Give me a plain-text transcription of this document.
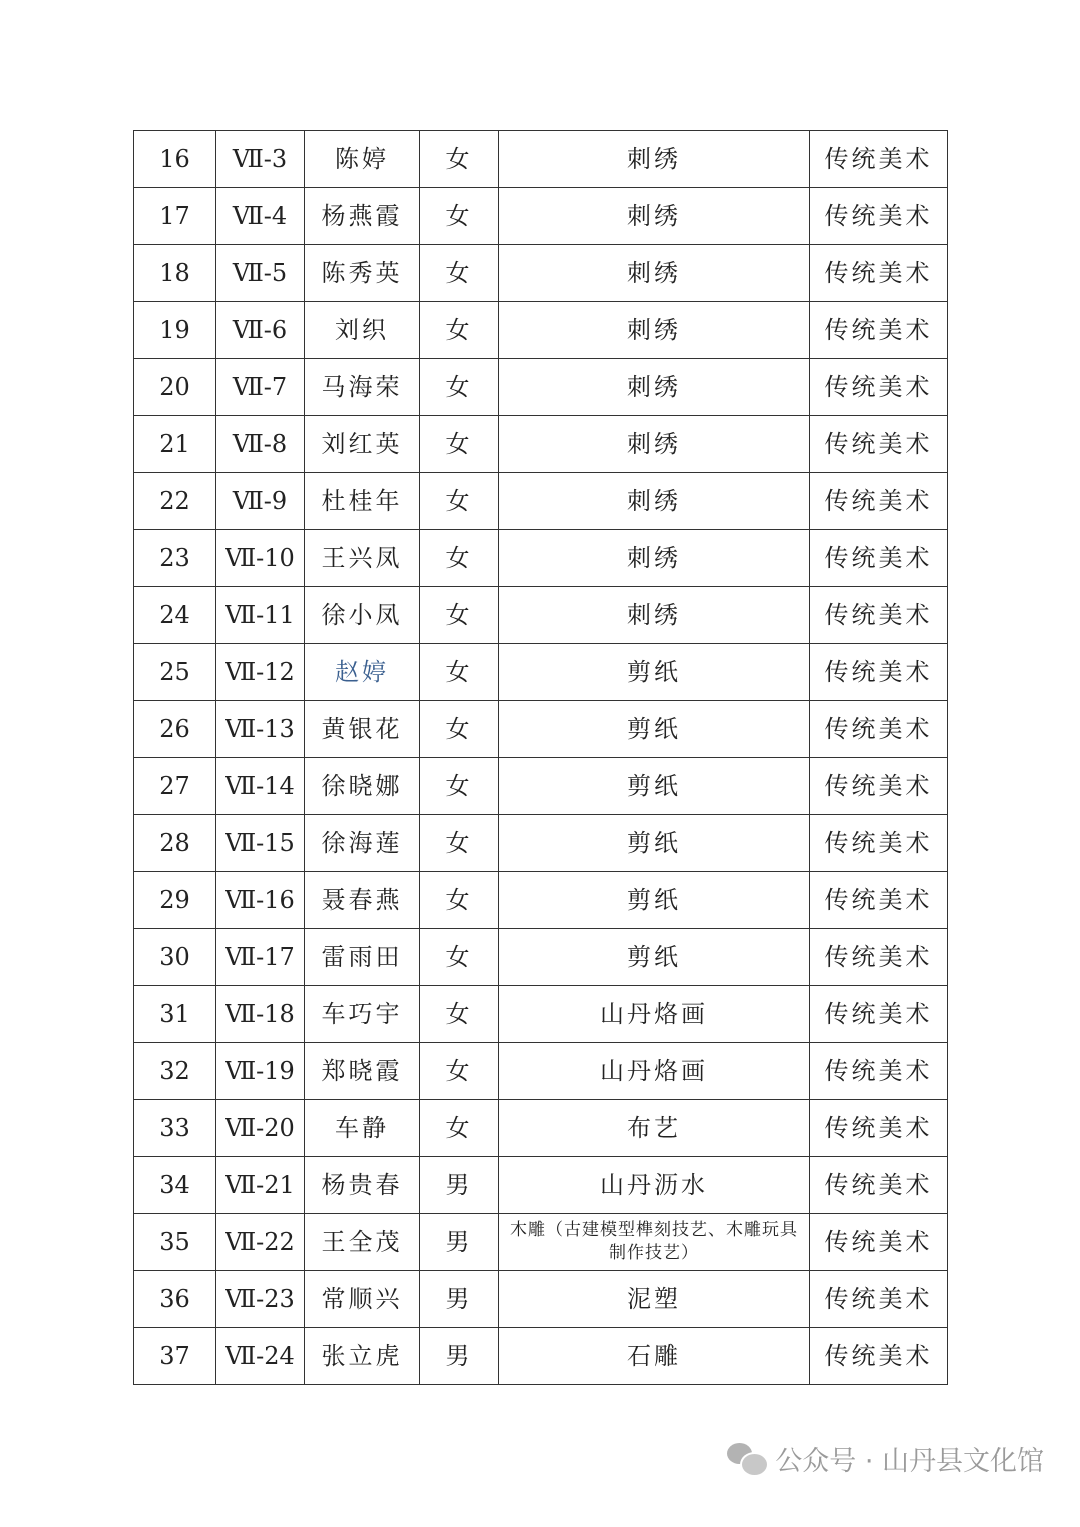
16	Ⅶ-3	陈婷	女	刺绣	传统美术
17	Ⅶ-4	杨燕霞	女	刺绣	传统美术
18	Ⅶ-5	陈秀英	女	刺绣	传统美术
19	Ⅶ-6	刘织	女	刺绣	传统美术
20	Ⅶ-7	马海荣	女	刺绣	传统美术
21	Ⅶ-8	刘红英	女	刺绣	传统美术
22	Ⅶ-9	杜桂年	女	刺绣	传统美术
23	Ⅶ-10	王兴凤	女	刺绣	传统美术
24	Ⅶ-11	徐小凤	女	刺绣	传统美术
25	Ⅶ-12	赵婷	女	剪纸	传统美术
26	Ⅶ-13	黄银花	女	剪纸	传统美术
27	Ⅶ-14	徐晓娜	女	剪纸	传统美术
28	Ⅶ-15	徐海莲	女	剪纸	传统美术
29	Ⅶ-16	聂春燕	女	剪纸	传统美术
30	Ⅶ-17	雷雨田	女	剪纸	传统美术
31	Ⅶ-18	车巧宇	女	山丹烙画	传统美术
32	Ⅶ-19	郑晓霞	女	山丹烙画	传统美术
33	Ⅶ-20	车静	女	布艺	传统美术
34	Ⅶ-21	杨贵春	男	山丹沥水	传统美术
35	Ⅶ-22	王全茂	男	木雕（古建模型榫刻技艺、木雕玩具制作技艺）	传统美术
36	Ⅶ-23	常顺兴	男	泥塑	传统美术
37	Ⅶ-24	张立虎	男	石雕	传统美术
公众号 · 山丹县文化馆
